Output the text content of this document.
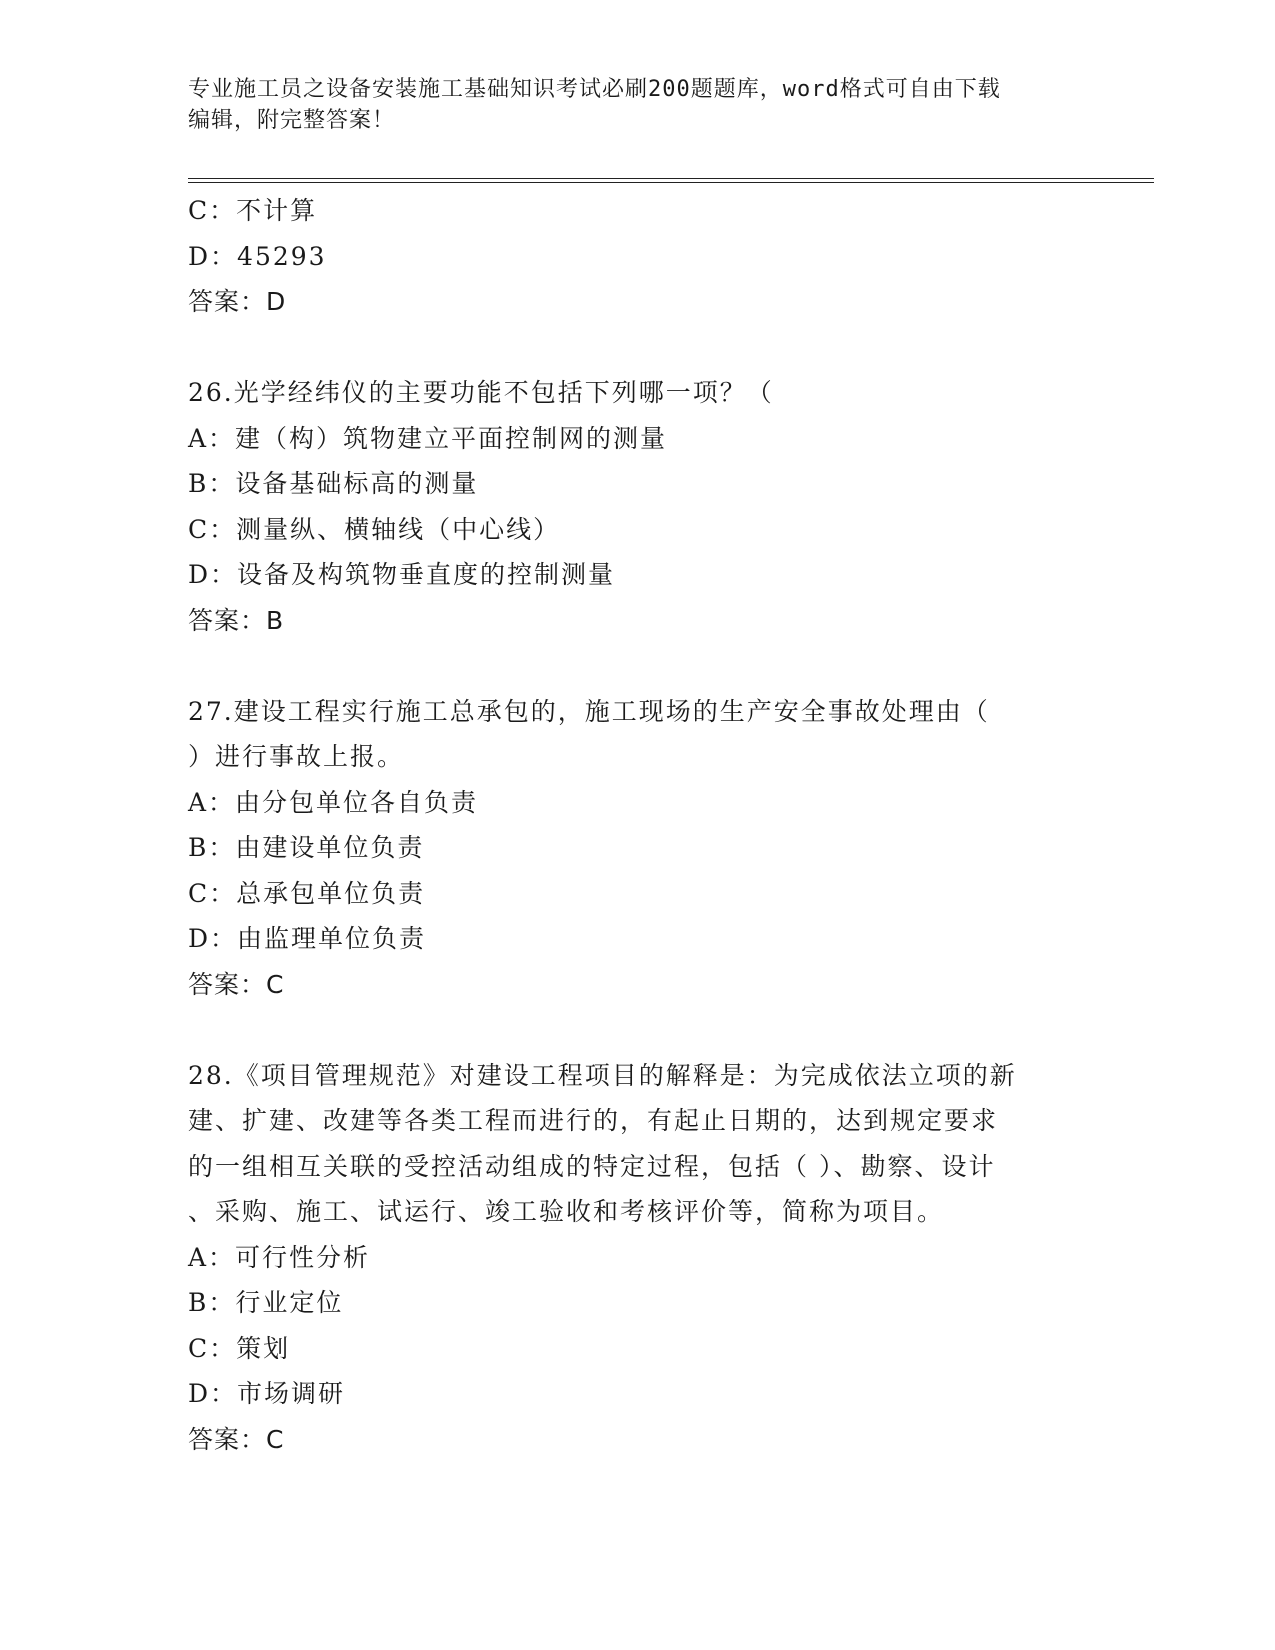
专业施工员之设备安装施工基础知识考试必刷200题题库，word格式可自由下载
编辑，附完整答案！
C：不计算
D：45293
答案：D
26.光学经纬仪的主要功能不包括下列哪一项？（
A：建（构）筑物建立平面控制网的测量
B：设备基础标高的测量
C：测量纵、横轴线（中心线）
D：设备及构筑物垂直度的控制测量
答案：B
27.建设工程实行施工总承包的，施工现场的生产安全事故处理由（
）进行事故上报。
A：由分包单位各自负责
B：由建设单位负责
C：总承包单位负责
D：由监理单位负责
答案：C
28.《项目管理规范》对建设工程项目的解释是：为完成依法立项的新
建、扩建、改建等各类工程而进行的，有起止日期的，达到规定要求
的一组相互关联的受控活动组成的特定过程，包括（ ）、勘察、设计
、采购、施工、试运行、竣工验收和考核评价等，简称为项目。
A：可行性分析
B：行业定位
C：策划
D：市场调研
答案：C
